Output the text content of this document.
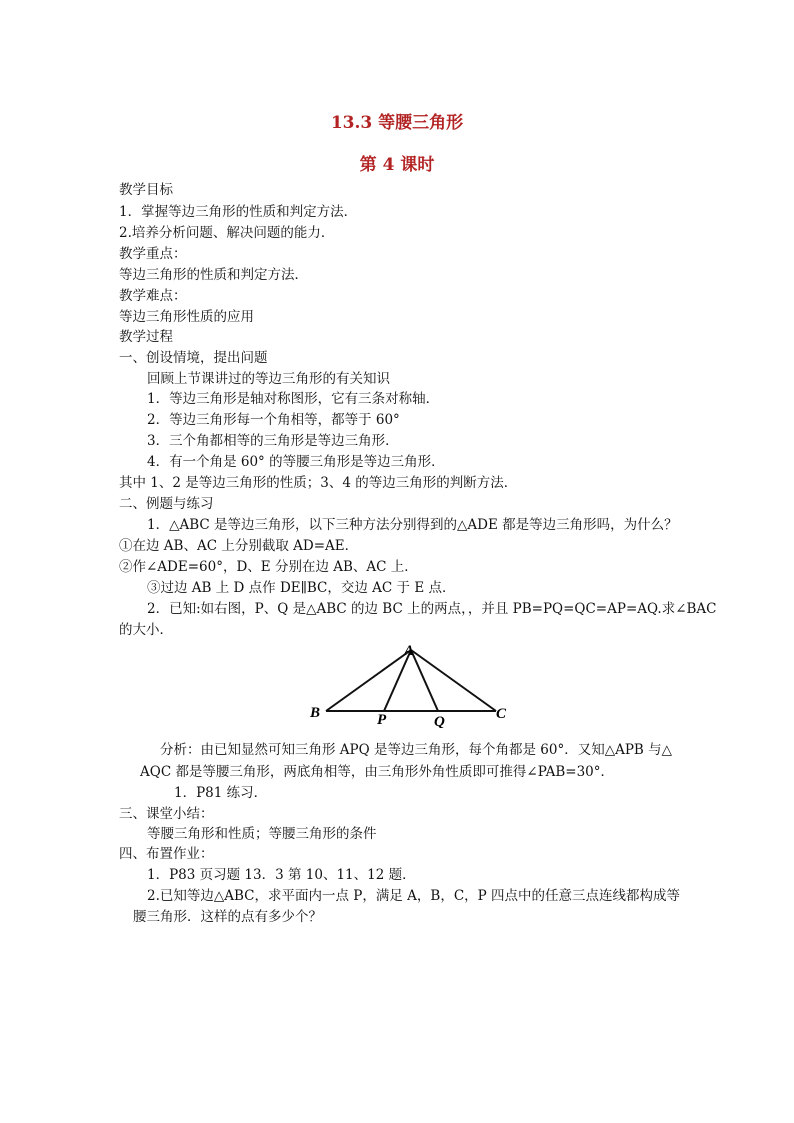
13.3 等腰三角形
第 4 课时
教学目标
1．掌握等边三角形的性质和判定方法．
2.培养分析问题、解决问题的能力．
教学重点：
等边三角形的性质和判定方法．
教学难点：
等边三角形性质的应用
教学过程
一、创设情境，提出问题
回顾上节课讲过的等边三角形的有关知识
1．等边三角形是轴对称图形，它有三条对称轴．
2．等边三角形每一个角相等，都等于 60°
3．三个角都相等的三角形是等边三角形．
4．有一个角是 60° 的等腰三角形是等边三角形．
其中 1、2 是等边三角形的性质；3、4 的等边三角形的判断方法．
二、例题与练习
1．△ABC 是等边三角形，以下三种方法分别得到的△ADE 都是等边三角形吗，为什么？
①在边 AB、AC 上分别截取 AD=AE．
②作∠ADE=60°，D、E 分别在边 AB、AC 上．
③过边 AB 上 D 点作 DE∥BC，交边 AC 于 E 点．
2．已知:如右图，P、Q 是△ABC 的边 BC 上的两点，，并且 PB=PQ=QC=AP=AQ.求∠BAC
的大小．
A
B	P	Q	C
分析：由已知显然可知三角形 APQ 是等边三角形，每个角都是 60°．又知△APB 与△
AQC 都是等腰三角形，两底角相等，由三角形外角性质即可推得∠PAB=30°．
1．P81 练习．
三、课堂小结：
等腰三角形和性质；等腰三角形的条件
四、布置作业：
1．P83 页习题 13．3 第 10、11、12 题．
2.已知等边△ABC，求平面内一点 P，满足 A，B，C，P 四点中的任意三点连线都构成等
腰三角形．这样的点有多少个？
